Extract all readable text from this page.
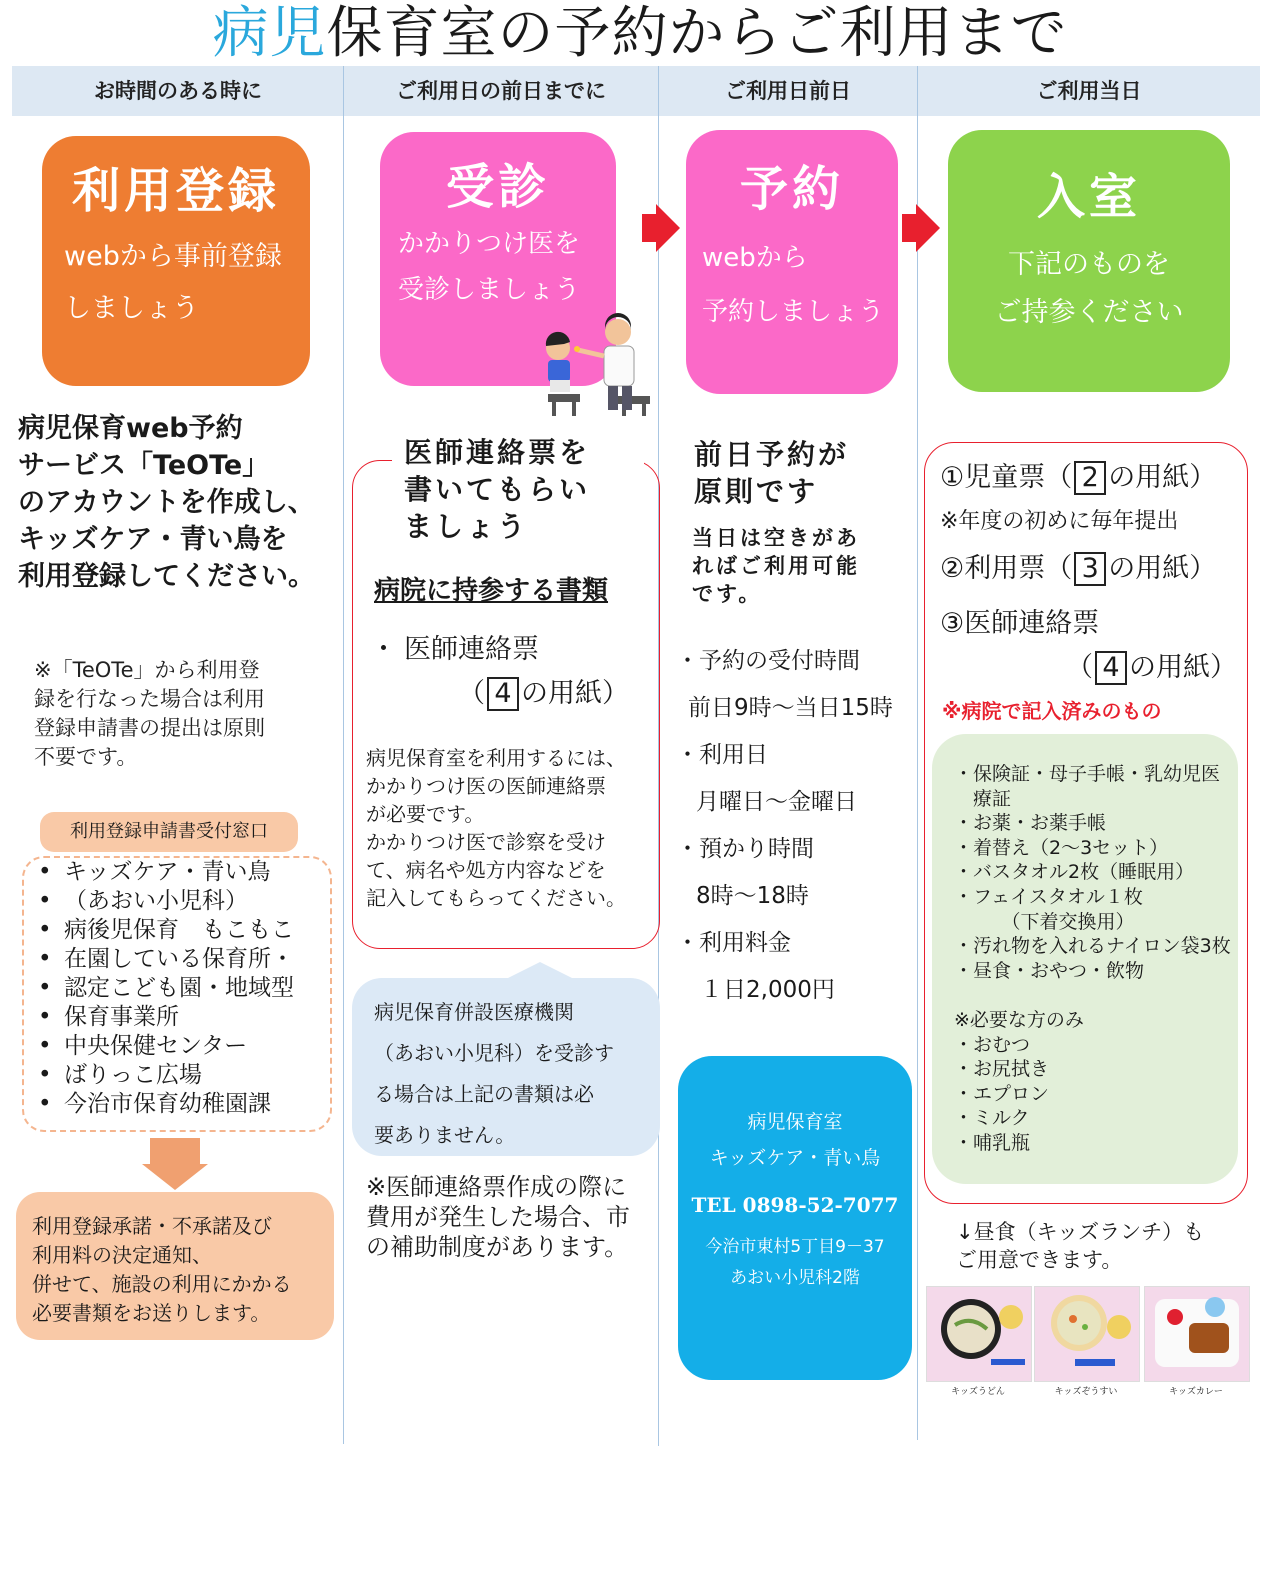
病児保育室の予約からご利用まで
お時間のある時に	ご利用日の前日までに	ご利用日前日	ご利用当日
利用登録
webから事前登録
しましょう
病児保育web予約
サービス「TeOTe」
のアカウントを作成し、
キッズケア・青い鳥を
利用登録してください。
※「TeOTe」から利用登
録を行なった場合は利用
登録申請書の提出は原則
不要です。
利用登録申請書受付窓口
• キッズケア・青い鳥
• （あおい小児科）
• 病後児保育　もこもこ
• 在園している保育所・
• 認定こども園・地域型
• 保育事業所
• 中央保健センター
• ばりっこ広場
• 今治市保育幼稚園課
利用登録承諾・不承諾及び
利用料の決定通知、
併せて、施設の利用にかかる
必要書類をお送りします。
受診
かかりつけ医を
受診しましょう
医師連絡票を
書いてもらい
ましょう
病院に持参する書類
・ 医師連絡票
（ 4 の用紙）
病児保育室を利用するには、
かかりつけ医の医師連絡票
が必要です。
かかりつけ医で診察を受け
て、病名や処方内容などを
記入してもらってください。
病児保育併設医療機関
（あおい小児科）を受診す
る場合は上記の書類は必
要ありません。
※医師連絡票作成の際に
費用が発生した場合、市
の補助制度があります。
予約
webから
予約しましょう
前日予約が
原則です
当日は空きがあ
ればご利用可能
です。
・予約の受付時間
前日9時～当日15時
・利用日
月曜日～金曜日
・預かり時間
8時～18時
・利用料金
１日2,000円
病児保育室
キッズケア・青い鳥
TEL 0898-52-7077
今治市東村5丁目9－37
あおい小児科2階
入室
下記のものを
ご持参ください
①児童票（ 2 の用紙）
※年度の初めに毎年提出
②利用票（ 3 の用紙）
③医師連絡票
（ 4 の用紙）
※病院で記入済みのもの
・保険証・母子手帳・乳幼児医
　療証
・お薬・お薬手帳
・着替え（2～3セット）
・バスタオル2枚（睡眠用）
・フェイスタオル１枚
　　　（下着交換用）
・汚れ物を入れるナイロン袋3枚
・昼食・おやつ・飲物
※必要な方のみ
・おむつ
・お尻拭き
・エプロン
・ミルク
・哺乳瓶
↓昼食（キッズランチ）も
ご用意できます。
キッズうどん	キッズぞうすい	キッズカレー
